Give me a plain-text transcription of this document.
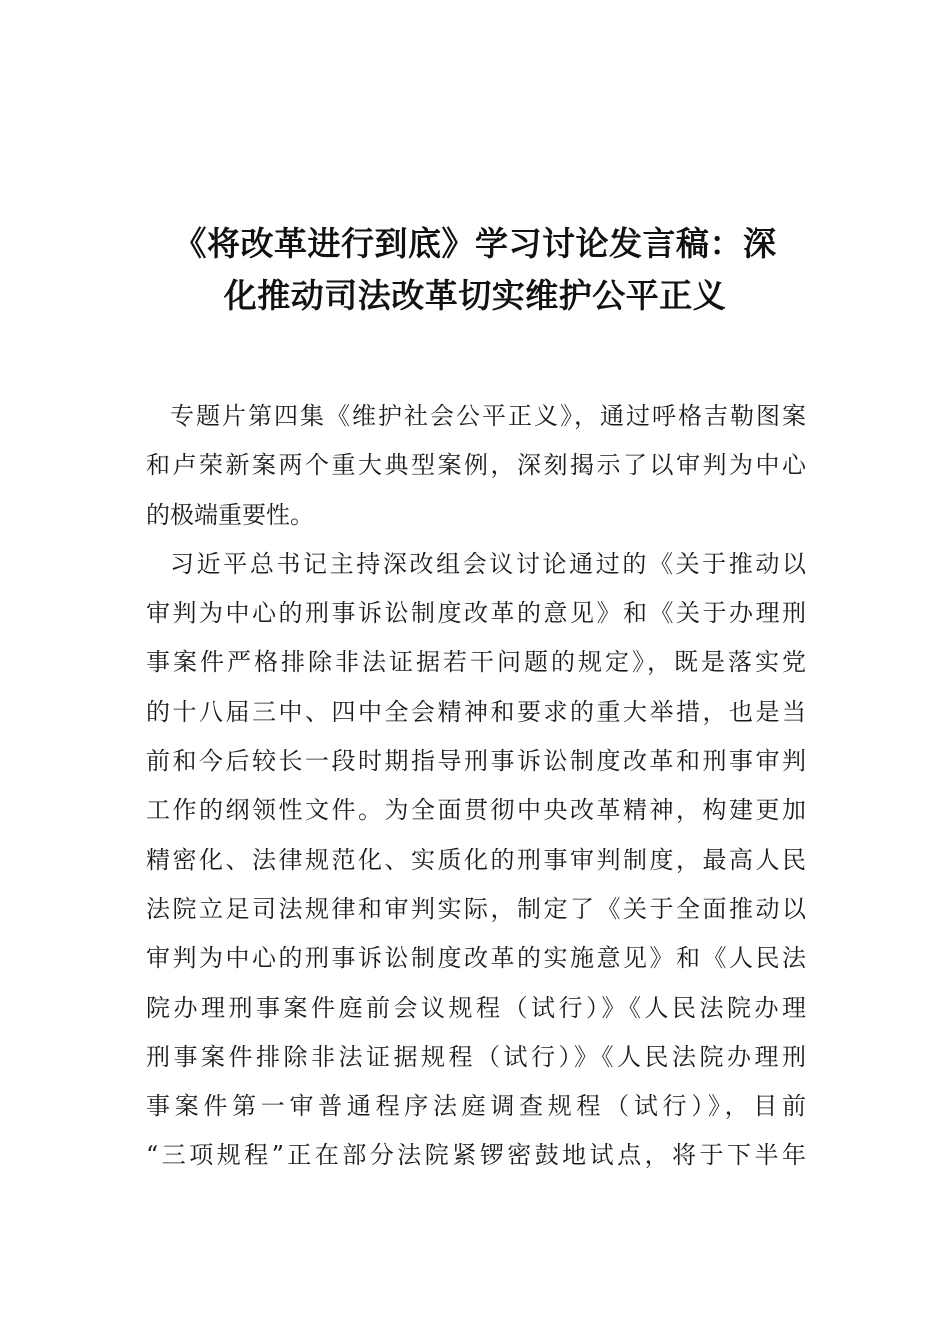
《将改革进行到底》学习讨论发言稿：深
化推动司法改革切实维护公平正义

专题片第四集《维护社会公平正义》，通过呼格吉勒图案
和卢荣新案两个重大典型案例，深刻揭示了以审判为中心
的极端重要性。

习近平总书记主持深改组会议讨论通过的《关于推动以
审判为中心的刑事诉讼制度改革的意见》和《关于办理刑
事案件严格排除非法证据若干问题的规定》，既是落实党
的十八届三中、四中全会精神和要求的重大举措，也是当
前和今后较长一段时期指导刑事诉讼制度改革和刑事审判
工作的纲领性文件。为全面贯彻中央改革精神，构建更加
精密化、法律规范化、实质化的刑事审判制度，最高人民
法院立足司法规律和审判实际，制定了《关于全面推动以
审判为中心的刑事诉讼制度改革的实施意见》和《人民法
院办理刑事案件庭前会议规程（试行）》《人民法院办理
刑事案件排除非法证据规程（试行）》《人民法院办理刑
事案件第一审普通程序法庭调查规程（试行）》，目前
“三项规程”正在部分法院紧锣密鼓地试点，将于下半年
